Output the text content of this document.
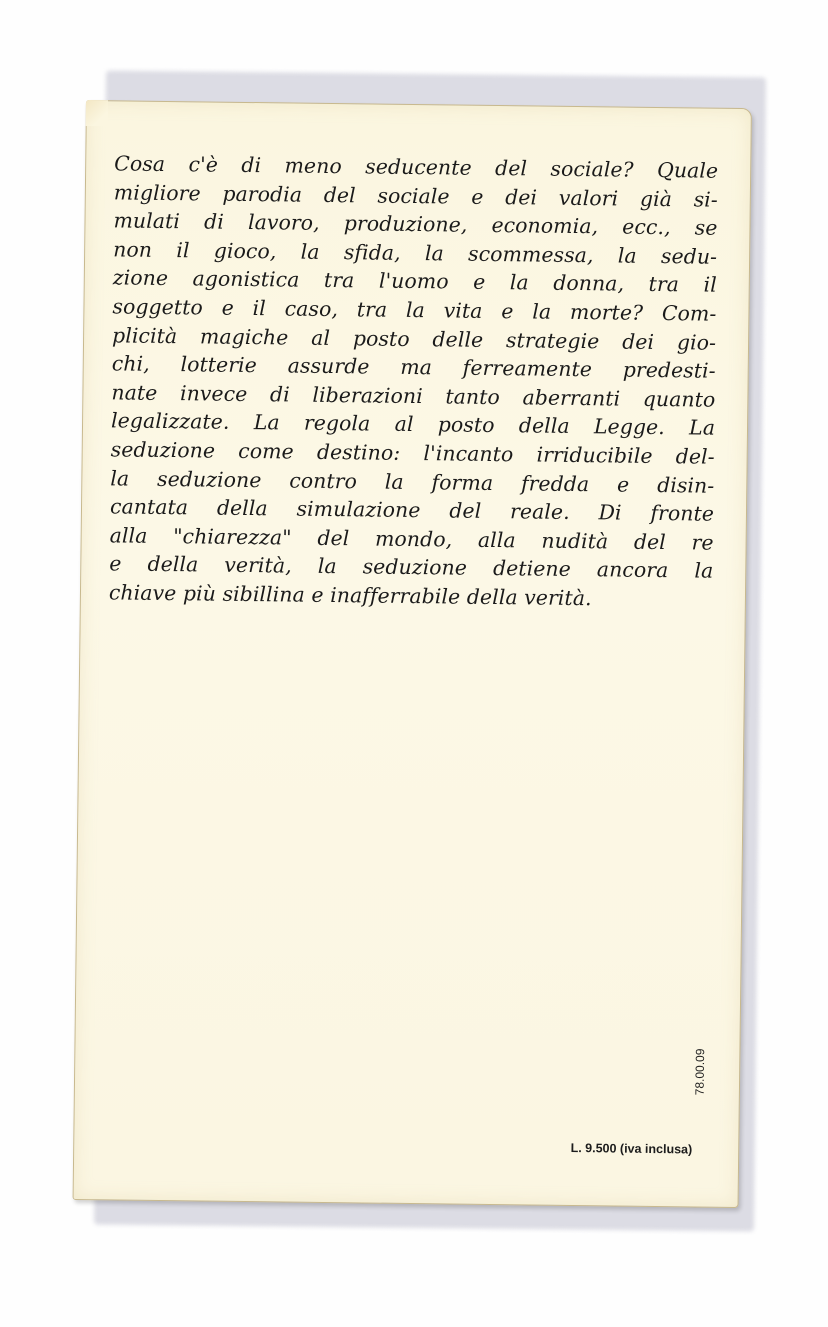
Cosa c'è di meno seducente del sociale? Quale
migliore parodia del sociale e dei valori già si-
mulati di lavoro, produzione, economia, ecc., se
non il gioco, la sfida, la scommessa, la sedu-
zione agonistica tra l'uomo e la donna, tra il
soggetto e il caso, tra la vita e la morte? Com-
plicità magiche al posto delle strategie dei gio-
chi, lotterie assurde ma ferreamente predesti-
nate invece di liberazioni tanto aberranti quanto
legalizzate. La regola al posto della Legge. La
seduzione come destino: l'incanto irriducibile del-
la seduzione contro la forma fredda e disin-
cantata della simulazione del reale. Di fronte
alla "chiarezza" del mondo, alla nudità del re
e della verità, la seduzione detiene ancora la
chiave più sibillina e inafferrabile della verità.
78.00.09
L. 9.500 (iva inclusa)
